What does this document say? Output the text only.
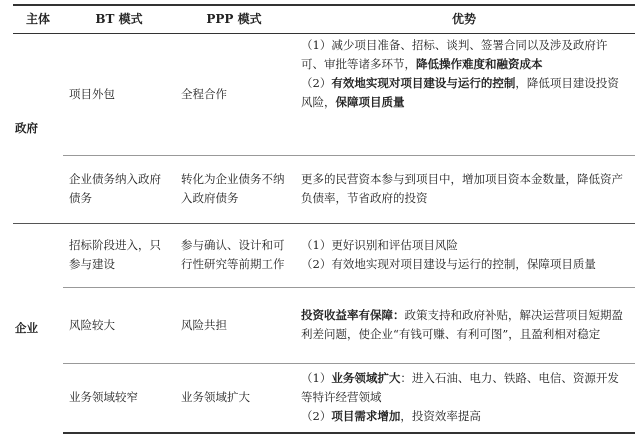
主体	BT 模式	PPP 模式	优势
政府	项目外包	全程合作	（1）减少项目准备、招标、谈判、签署合同以及涉及政府许可、审批等诸多环节，降低操作难度和融资成本
（2）有效地实现对项目建设与运行的控制，降低项目建设投资风险，保障项目质量

	企业债务纳入政府债务	转化为企业债务不纳入政府债务	更多的民营资本参与到项目中，增加项目资本金数量，降低资产负债率，节省政府的投资

企业	招标阶段进入，只参与建设	参与确认、设计和可行性研究等前期工作	（1）更好识别和评估项目风险
（2）有效地实现对项目建设与运行的控制，保障项目质量

	风险较大	风险共担	投资收益率有保障：政策支持和政府补贴，解决运营项目短期盈利差问题，使企业“有钱可赚、有利可图”，且盈利相对稳定

	业务领域较窄	业务领域扩大	（1）业务领域扩大：进入石油、电力、铁路、电信、资源开发等特许经营领域
（2）项目需求增加，投资效率提高
